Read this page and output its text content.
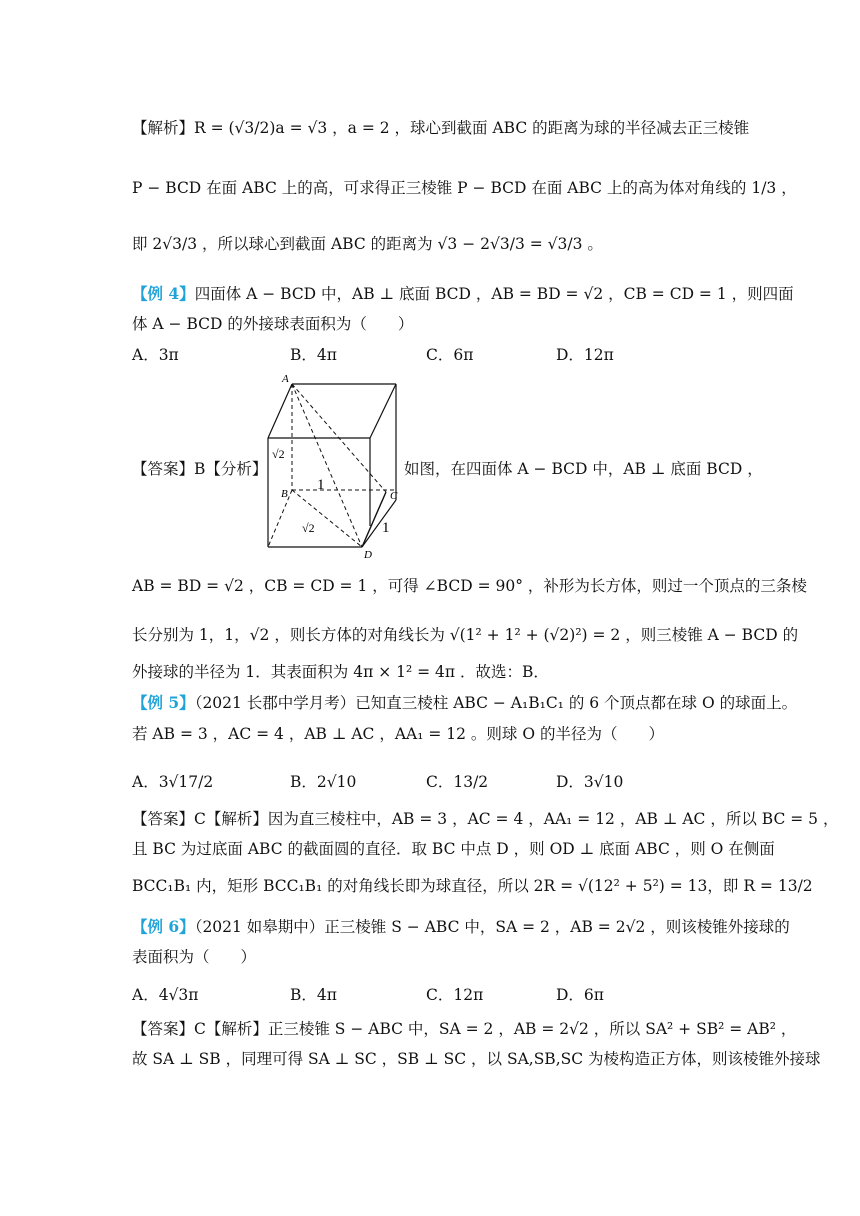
【解析】R = (√3/2)a = √3 ，a = 2 ，球心到截面 ABC 的距离为球的半径减去正三棱锥
P − BCD 在面 ABC 上的高，可求得正三棱锥 P − BCD 在面 ABC 上的高为体对角线的 1/3 ，
即 2√3/3 ，所以球心到截面 ABC 的距离为 √3 − 2√3/3 = √3/3 。
【例 4】四面体 A − BCD 中，AB ⊥ 底面 BCD ，AB = BD = √2 ，CB = CD = 1 ，则四面
体 A − BCD 的外接球表面积为（　　）
【答案】B【分析】	如图，在四面体 A − BCD 中，AB ⊥ 底面 BCD ，
AB = BD = √2 ，CB = CD = 1 ，可得 ∠BCD = 90° ，补形为长方体，则过一个顶点的三条棱
长分别为 1，1，√2 ，则长方体的对角线长为 √(1² + 1² + (√2)²) = 2 ，则三棱锥 A − BCD 的
外接球的半径为 1．其表面积为 4π × 1² = 4π ．故选：B．
【例 5】（2021 长郡中学月考）已知直三棱柱 ABC − A₁B₁C₁ 的 6 个顶点都在球 O 的球面上。
若 AB = 3 ，AC = 4 ，AB ⊥ AC ，AA₁ = 12 。则球 O 的半径为（　　）
【答案】C【解析】因为直三棱柱中，AB = 3 ，AC = 4 ，AA₁ = 12 ，AB ⊥ AC ，所以 BC = 5 ，
且 BC 为过底面 ABC 的截面圆的直径．取 BC 中点 D ，则 OD ⊥ 底面 ABC ，则 O 在侧面
BCC₁B₁ 内，矩形 BCC₁B₁ 的对角线长即为球直径，所以 2R = √(12² + 5²) = 13，即 R = 13/2
【例 6】（2021 如皋期中）正三棱锥 S − ABC 中，SA = 2 ，AB = 2√2 ，则该棱锥外接球的
表面积为（　　）
【答案】C【解析】正三棱锥 S − ABC 中，SA = 2 ，AB = 2√2 ，所以 SA² + SB² = AB² ，
故 SA ⊥ SB ，同理可得 SA ⊥ SC ，SB ⊥ SC ，以 SA,SB,SC 为棱构造正方体，则该棱锥外接球
A．3π	B．4π	C．6π	D．12π
A．3√17/2	B．2√10	C．13/2	D．3√10
A．4√3π	B．4π	C．12π	D．6π
A
B	C
D
1
1
√2
√2
